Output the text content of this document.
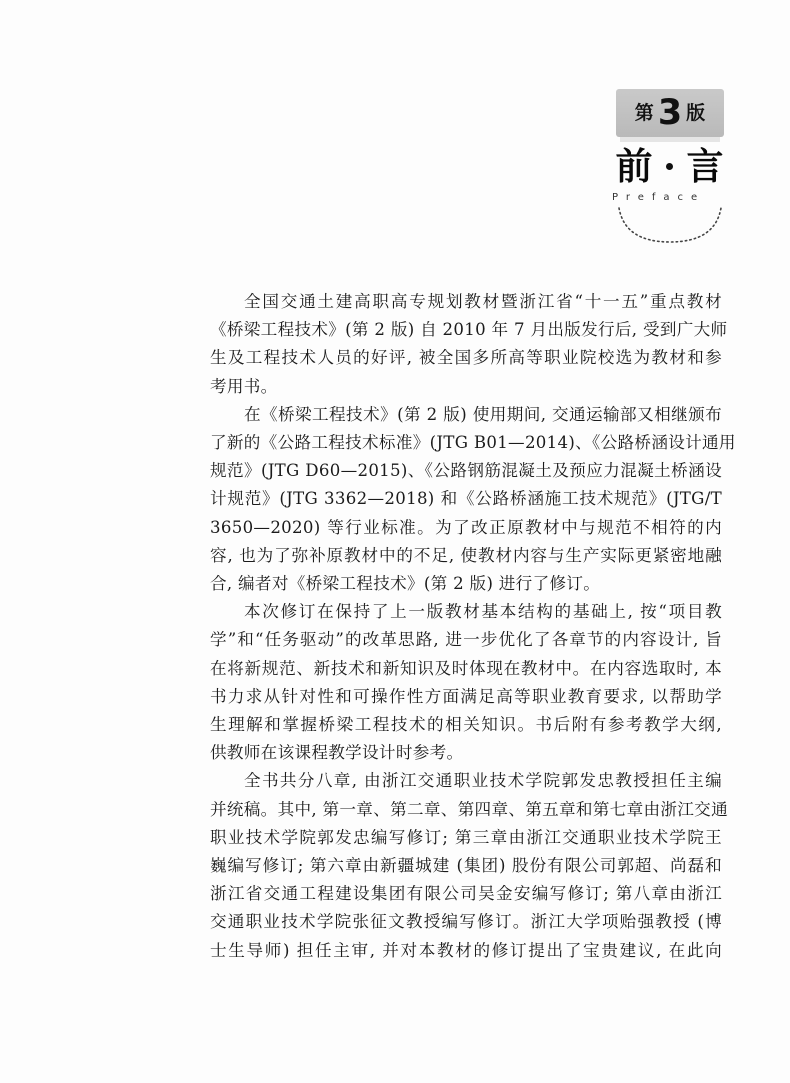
第 3 版
前 言
Preface

全国交通土建高职高专规划教材暨浙江省“十一五”重点教材
《桥梁工程技术》(第 2 版) 自 2010 年 7 月出版发行后, 受到广大师
生及工程技术人员的好评, 被全国多所高等职业院校选为教材和参
考用书。

在《桥梁工程技术》(第 2 版) 使用期间, 交通运输部又相继颁布
了新的《公路工程技术标准》(JTG B01—2014)、《公路桥涵设计通用
规范》(JTG D60—2015)、《公路钢筋混凝土及预应力混凝土桥涵设
计规范》(JTG 3362—2018) 和《公路桥涵施工技术规范》(JTG/T
3650—2020) 等行业标准。为了改正原教材中与规范不相符的内
容, 也为了弥补原教材中的不足, 使教材内容与生产实际更紧密地融
合, 编者对《桥梁工程技术》(第 2 版) 进行了修订。

本次修订在保持了上一版教材基本结构的基础上, 按“项目教
学”和“任务驱动”的改革思路, 进一步优化了各章节的内容设计, 旨
在将新规范、新技术和新知识及时体现在教材中。在内容选取时, 本
书力求从针对性和可操作性方面满足高等职业教育要求, 以帮助学
生理解和掌握桥梁工程技术的相关知识。书后附有参考教学大纲,
供教师在该课程教学设计时参考。

全书共分八章, 由浙江交通职业技术学院郭发忠教授担任主编
并统稿。其中, 第一章、第二章、第四章、第五章和第七章由浙江交通
职业技术学院郭发忠编写修订; 第三章由浙江交通职业技术学院王
巍编写修订; 第六章由新疆城建 (集团) 股份有限公司郭超、尚磊和
浙江省交通工程建设集团有限公司吴金安编写修订; 第八章由浙江
交通职业技术学院张征文教授编写修订。浙江大学项贻强教授 (博
士生导师) 担任主审, 并对本教材的修订提出了宝贵建议, 在此向
